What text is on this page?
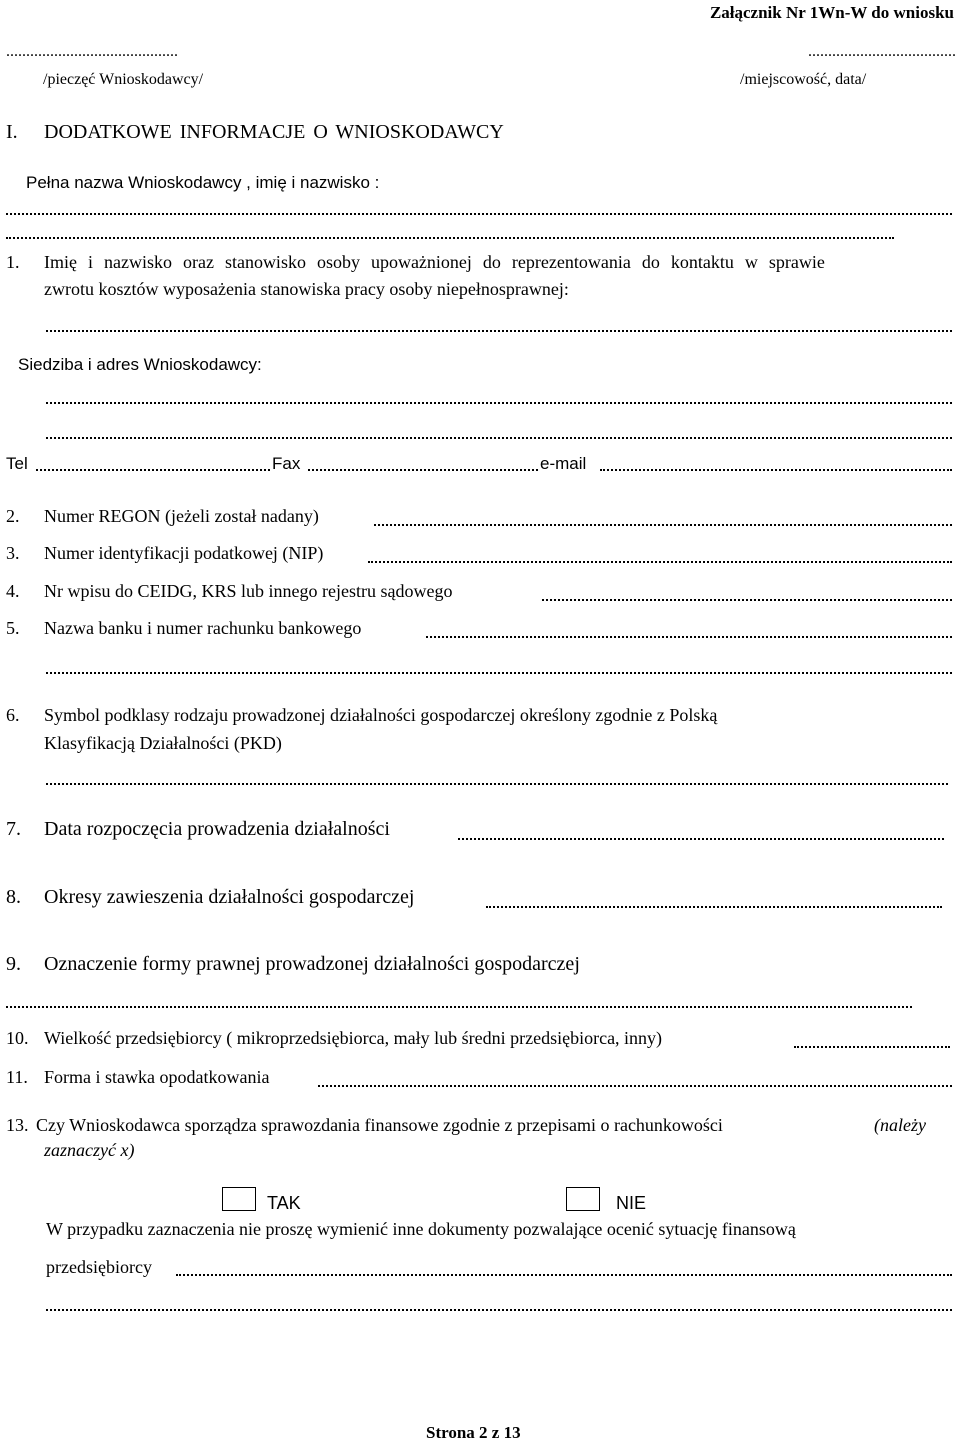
Załącznik Nr 1Wn-W do wniosku
...........................................
/pieczęć Wnioskodawcy/
.....................................
/miejscowość, data/
I. DODATKOWE INFORMACJE O WNIOSKODAWCY
Pełna nazwa Wnioskodawcy , imię i nazwisko :
1. Imię i nazwisko oraz stanowisko osoby upoważnionej do reprezentowania do kontaktu w sprawie
zwrotu kosztów wyposażenia stanowiska pracy osoby niepełnosprawnej:
Siedziba i adres Wnioskodawcy:
Tel	Fax	e-mail
2. Numer REGON (jeżeli został nadany)
3. Numer identyfikacji podatkowej (NIP)
4. Nr wpisu do CEIDG, KRS lub innego rejestru sądowego
5. Nazwa banku i numer rachunku bankowego
6. Symbol podklasy rodzaju prowadzonej działalności gospodarczej określony zgodnie z Polską
Klasyfikacją Działalności (PKD)
7. Data rozpoczęcia prowadzenia działalności
8. Okresy zawieszenia działalności gospodarczej
9. Oznaczenie formy prawnej prowadzonej działalności gospodarczej
10. Wielkość przedsiębiorcy ( mikroprzedsiębiorca, mały lub średni przedsiębiorca, inny)
11. Forma i stawka opodatkowania
13. Czy Wnioskodawca sporządza sprawozdania finansowe zgodnie z przepisami o rachunkowości	(należy
zaznaczyć x)
TAK	NIE
W przypadku zaznaczenia nie proszę wymienić inne dokumenty pozwalające ocenić sytuację finansową
przedsiębiorcy
Strona 2 z 13
